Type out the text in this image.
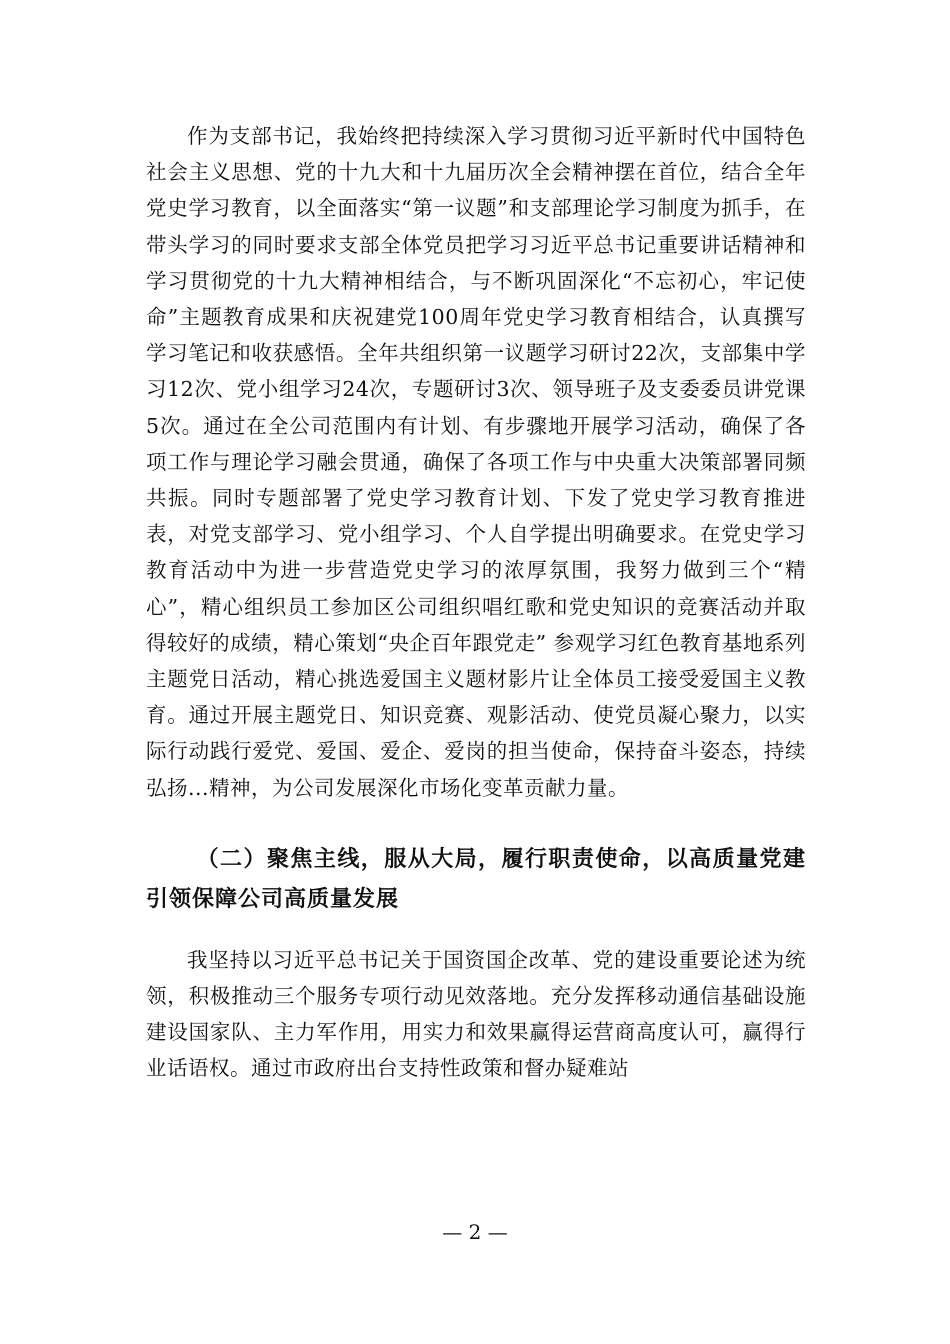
作为支部书记，我始终把持续深入学习贯彻习近平新时代中国特色社会主义思想、党的十九大和十九届历次全会精神摆在首位，结合全年党史学习教育，以全面落实“第一议题”和支部理论学习制度为抓手，在带头学习的同时要求支部全体党员把学习习近平总书记重要讲话精神和学习贯彻党的十九大精神相结合，与不断巩固深化“不忘初心，牢记使命”主题教育成果和庆祝建党100周年党史学习教育相结合，认真撰写学习笔记和收获感悟。全年共组织第一议题学习研讨22次，支部集中学习12次、党小组学习24次，专题研讨3次、领导班子及支委委员讲党课5次。通过在全公司范围内有计划、有步骤地开展学习活动，确保了各项工作与理论学习融会贯通，确保了各项工作与中央重大决策部署同频共振。同时专题部署了党史学习教育计划、下发了党史学习教育推进表，对党支部学习、党小组学习、个人自学提出明确要求。在党史学习教育活动中为进一步营造党史学习的浓厚氛围，我努力做到三个“精心”，精心组织员工参加区公司组织唱红歌和党史知识的竞赛活动并取得较好的成绩，精心策划“央企百年跟党走” 参观学习红色教育基地系列主题党日活动，精心挑选爱国主义题材影片让全体员工接受爱国主义教育。通过开展主题党日、知识竞赛、观影活动、使党员凝心聚力，以实际行动践行爱党、爱国、爱企、爱岗的担当使命，保持奋斗姿态，持续弘扬...精神，为公司发展深化市场化变革贡献力量。

（二）聚焦主线，服从大局，履行职责使命，以高质量党建引领保障公司高质量发展

我坚持以习近平总书记关于国资国企改革、党的建设重要论述为统领，积极推动三个服务专项行动见效落地。充分发挥移动通信基础设施建设国家队、主力军作用，用实力和效果赢得运营商高度认可，赢得行业话语权。通过市政府出台支持性政策和督办疑难站

— 2 —
